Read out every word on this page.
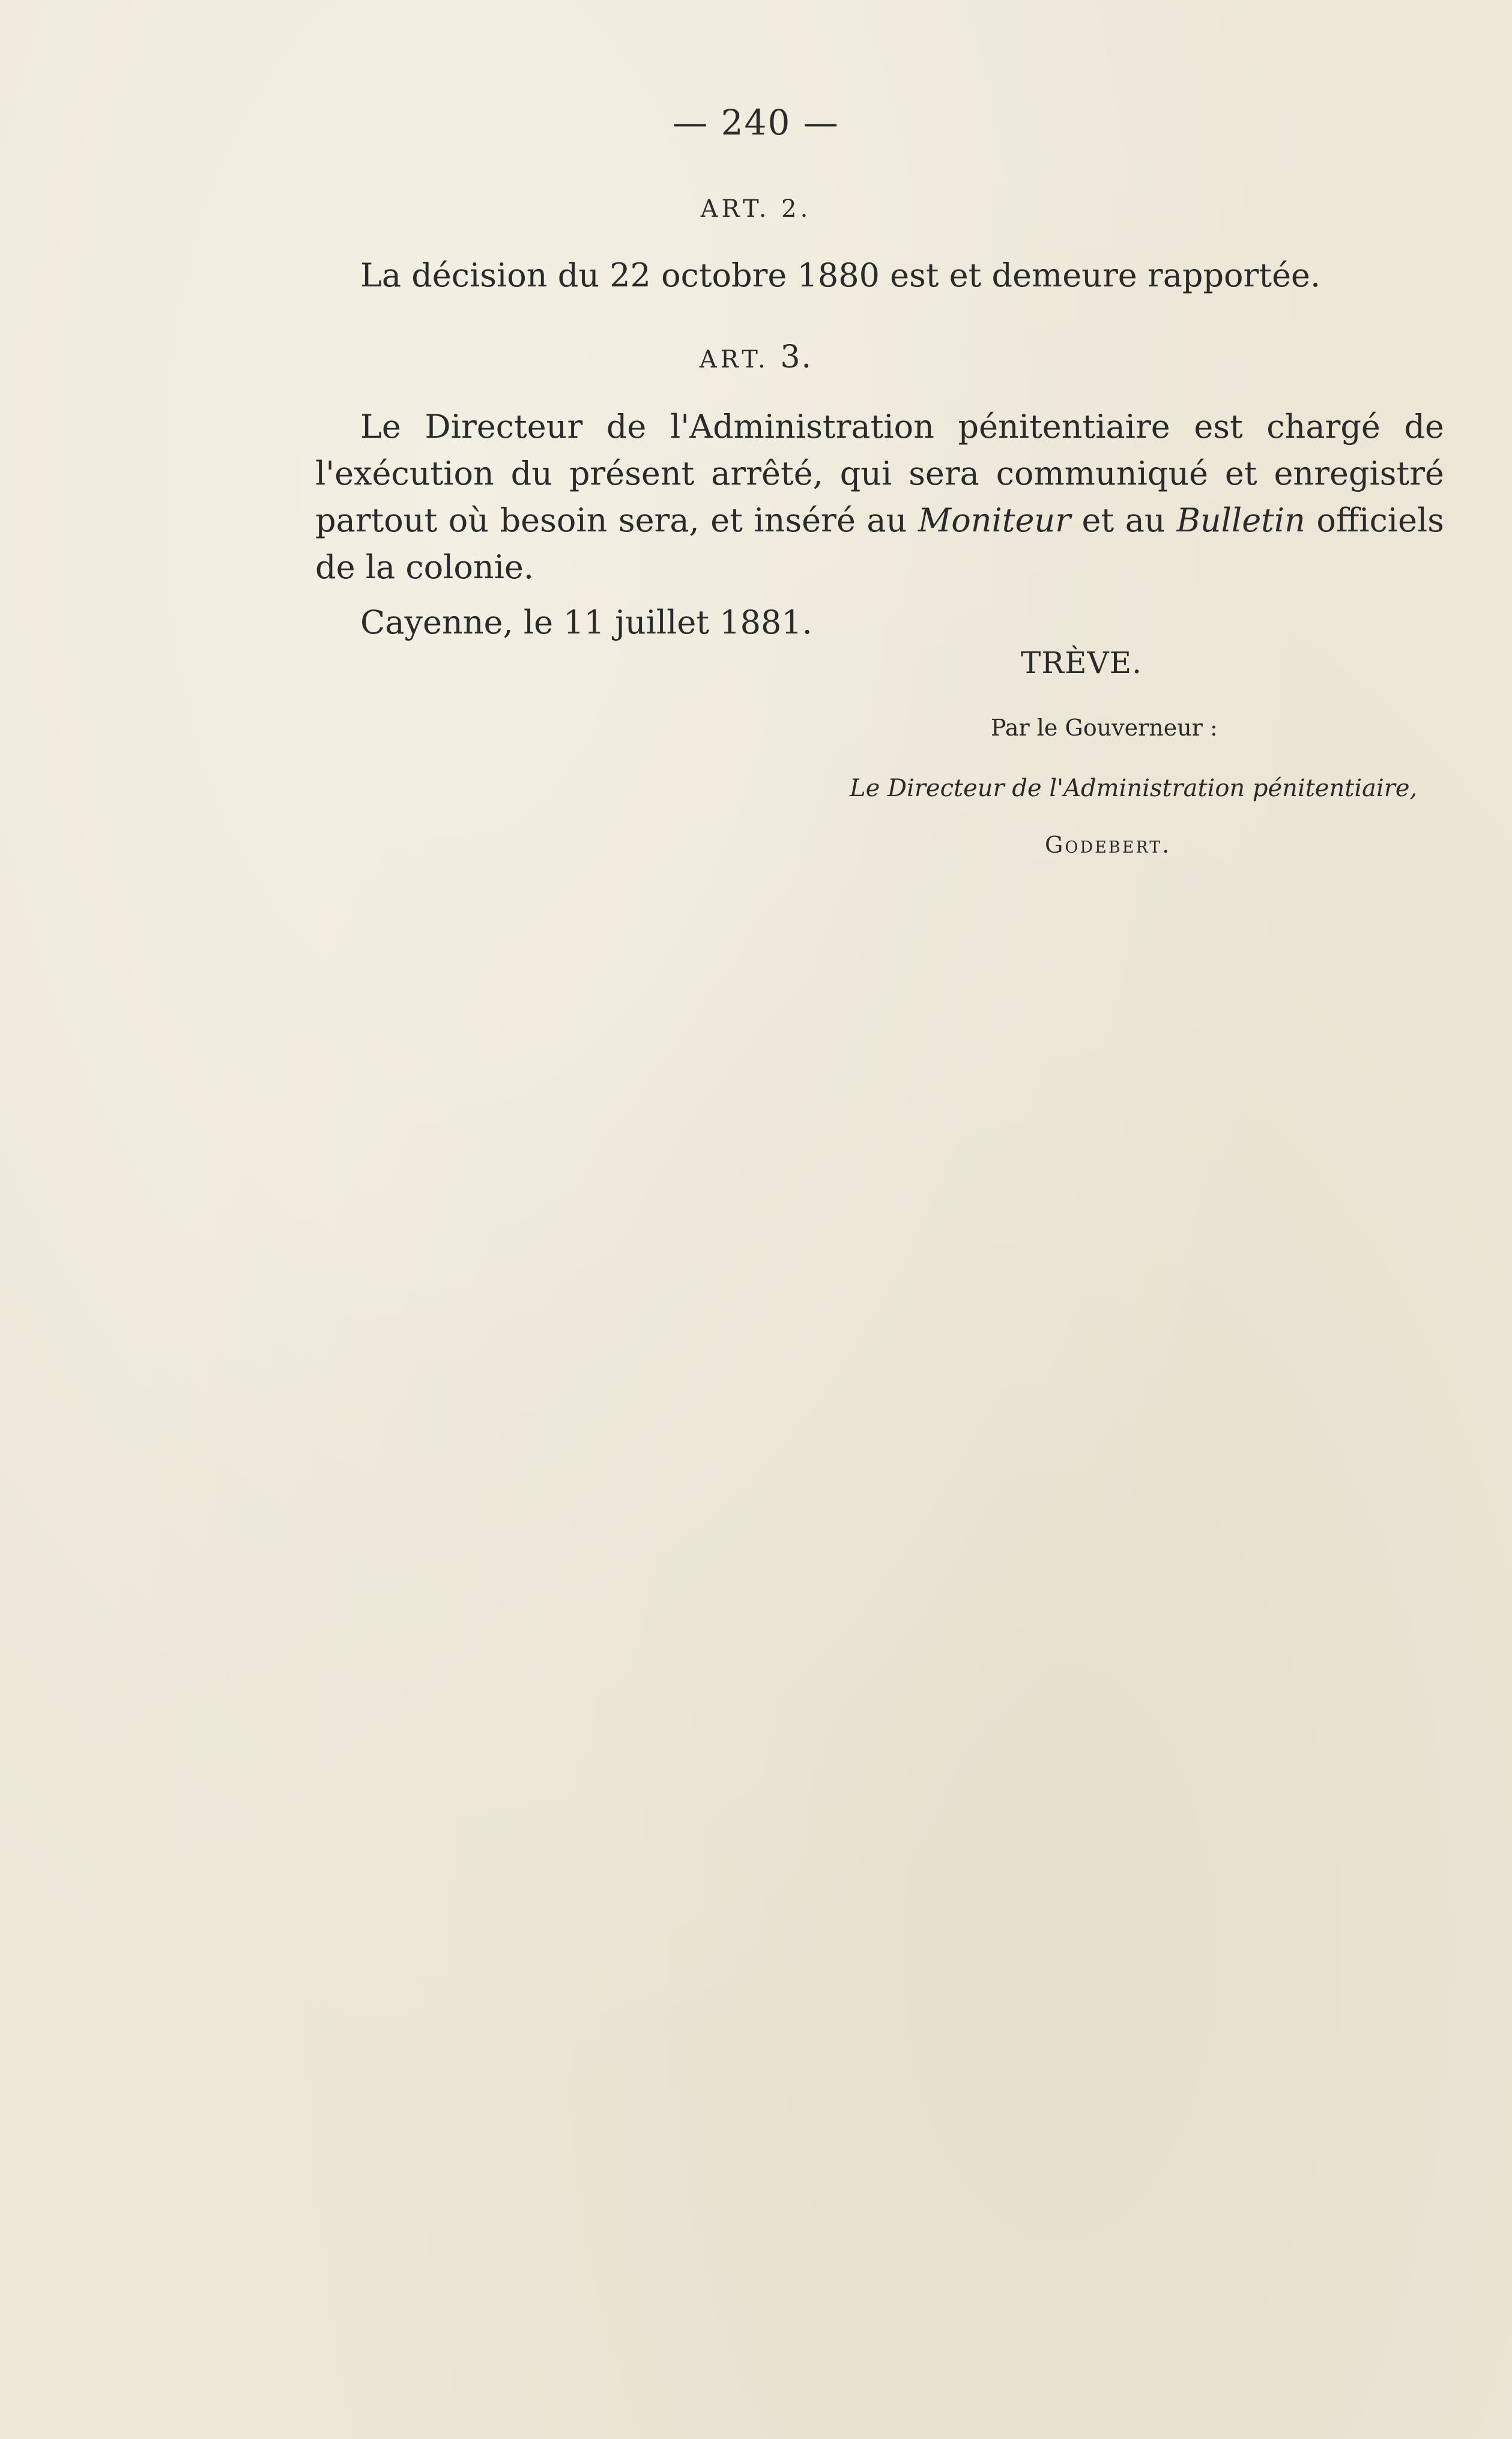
— 240 —
ART. 2.

La décision du 22 octobre 1880 est et demeure rapportée.

ART. 3.

Le Directeur de l'Administration pénitentiaire est chargé de l'exécution du présent arrêté, qui sera communiqué et enregistré partout où besoin sera, et inséré au Moniteur et au Bulletin officiels de la colonie.

Cayenne, le 11 juillet 1881.

TRÈVE.
Par le Gouverneur :
Le Directeur de l'Administration pénitentiaire,
Godebert.
